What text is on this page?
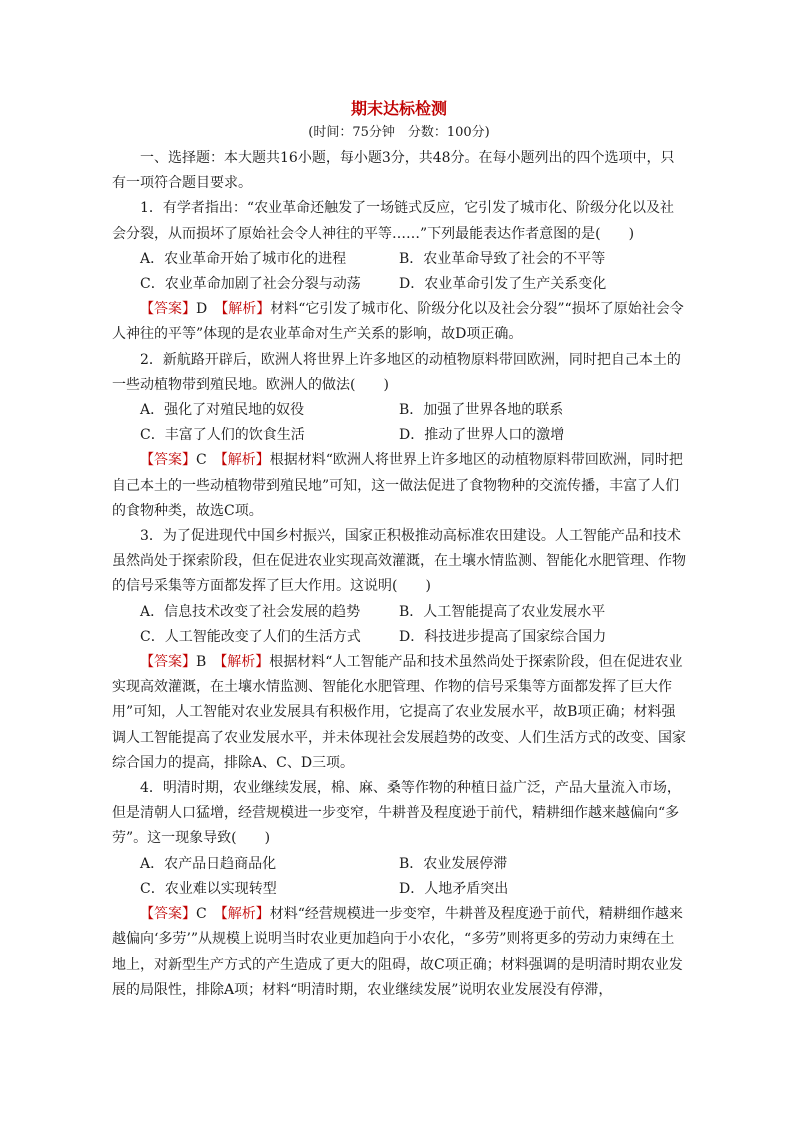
期末达标检测
(时间：75分钟　分数：100分)

一、选择题：本大题共16小题，每小题3分，共48分。在每小题列出的四个选项中，只有一项符合题目要求。

1．有学者指出：“农业革命还触发了一场链式反应，它引发了城市化、阶级分化以及社会分裂，从而损坏了原始社会令人神往的平等……”下列最能表达作者意图的是(　　)

A．农业革命开始了城市化的进程	B．农业革命导致了社会的不平等
C．农业革命加剧了社会分裂与动荡	D．农业革命引发了生产关系变化

【答案】D　【解析】材料“它引发了城市化、阶级分化以及社会分裂”“损坏了原始社会令人神往的平等”体现的是农业革命对生产关系的影响，故D项正确。

2．新航路开辟后，欧洲人将世界上许多地区的动植物原料带回欧洲，同时把自己本土的一些动植物带到殖民地。欧洲人的做法(　　)

A．强化了对殖民地的奴役	B．加强了世界各地的联系
C．丰富了人们的饮食生活	D．推动了世界人口的激增

【答案】C　【解析】根据材料“欧洲人将世界上许多地区的动植物原料带回欧洲，同时把自己本土的一些动植物带到殖民地”可知，这一做法促进了食物物种的交流传播，丰富了人们的食物种类，故选C项。

3．为了促进现代中国乡村振兴，国家正积极推动高标准农田建设。人工智能产品和技术虽然尚处于探索阶段，但在促进农业实现高效灌溉，在土壤水情监测、智能化水肥管理、作物的信号采集等方面都发挥了巨大作用。这说明(　　)

A．信息技术改变了社会发展的趋势	B．人工智能提高了农业发展水平
C．人工智能改变了人们的生活方式	D．科技进步提高了国家综合国力

【答案】B　【解析】根据材料“人工智能产品和技术虽然尚处于探索阶段，但在促进农业实现高效灌溉，在土壤水情监测、智能化水肥管理、作物的信号采集等方面都发挥了巨大作用”可知，人工智能对农业发展具有积极作用，它提高了农业发展水平，故B项正确；材料强调人工智能提高了农业发展水平，并未体现社会发展趋势的改变、人们生活方式的改变、国家综合国力的提高，排除A、C、D三项。

4．明清时期，农业继续发展，棉、麻、桑等作物的种植日益广泛，产品大量流入市场，但是清朝人口猛增，经营规模进一步变窄，牛耕普及程度逊于前代，精耕细作越来越偏向“多劳”。这一现象导致(　　)

A．农产品日趋商品化	B．农业发展停滞
C．农业难以实现转型	D．人地矛盾突出

【答案】C　【解析】材料“经营规模进一步变窄，牛耕普及程度逊于前代，精耕细作越来越偏向‘多劳’”从规模上说明当时农业更加趋向于小农化，“多劳”则将更多的劳动力束缚在土地上，对新型生产方式的产生造成了更大的阻碍，故C项正确；材料强调的是明清时期农业发展的局限性，排除A项；材料“明清时期，农业继续发展”说明农业发展没有停滞，
